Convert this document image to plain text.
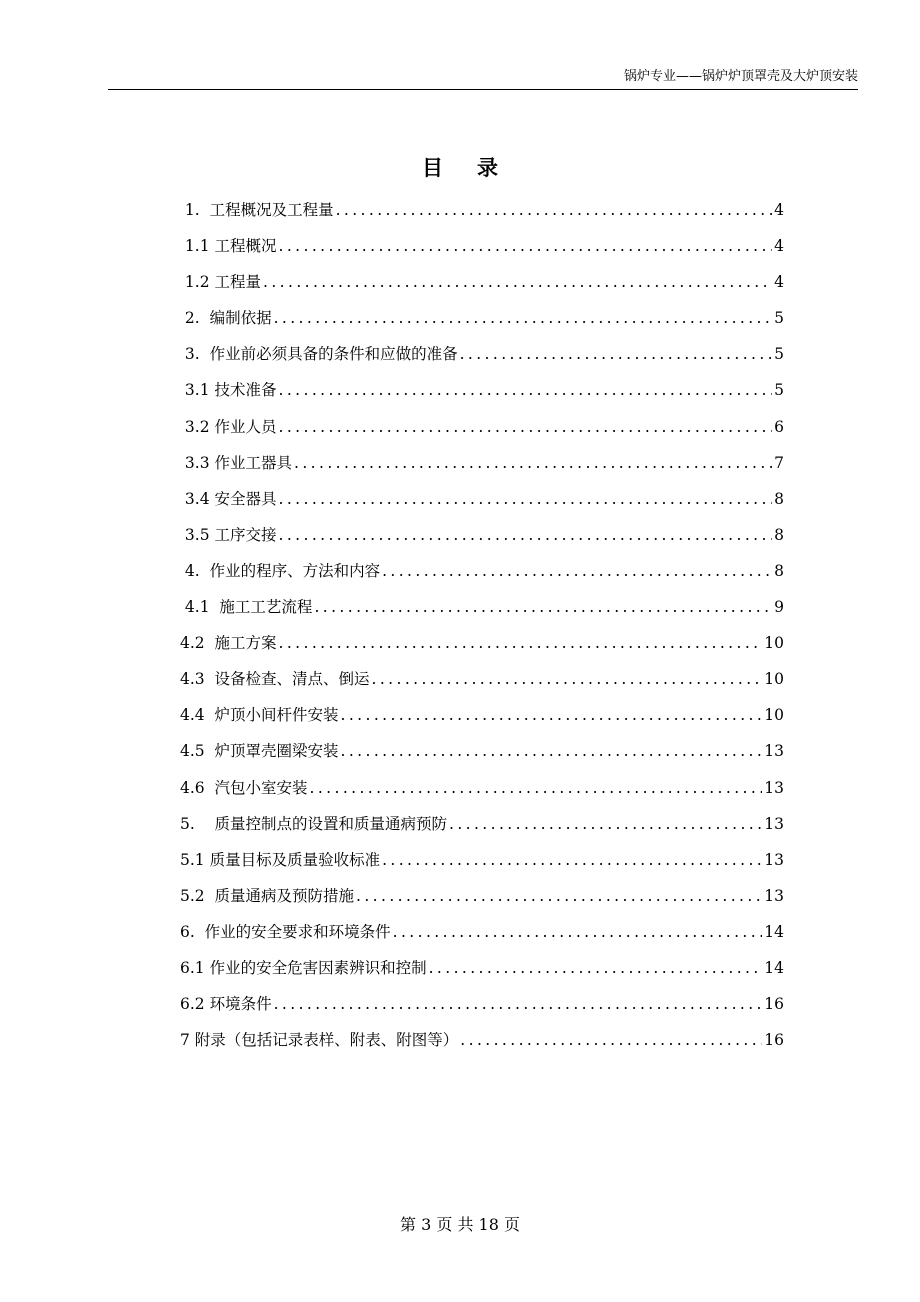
锅炉专业——锅炉炉顶罩壳及大炉顶安装
目录
1.  工程概况及工程量 .....	4
1.1 工程概况 .....	4
1.2 工程量 .....	4
2.  编制依据 .....	5
3.  作业前必须具备的条件和应做的准备 .....	5
3.1 技术准备 .....	5
3.2 作业人员 .....	6
3.3 作业工器具 .....	7
3.4 安全器具 .....	8
3.5 工序交接 .....	8
4.  作业的程序、方法和内容 .....	8
4.1  施工工艺流程 .....	9
4.2  施工方案 .....	10
4.3  设备检查、清点、倒运 .....	10
4.4  炉顶小间杆件安装 .....	10
4.5  炉顶罩壳圈梁安装 .....	13
4.6  汽包小室安装 .....	13
5.    质量控制点的设置和质量通病预防 .....	13
5.1 质量目标及质量验收标准 .....	13
5.2  质量通病及预防措施 .....	13
6.  作业的安全要求和环境条件 .....	14
6.1 作业的安全危害因素辨识和控制 .....	14
6.2 环境条件 .....	16
7 附录（包括记录表样、附表、附图等） .....	16
第 3 页 共 18 页
